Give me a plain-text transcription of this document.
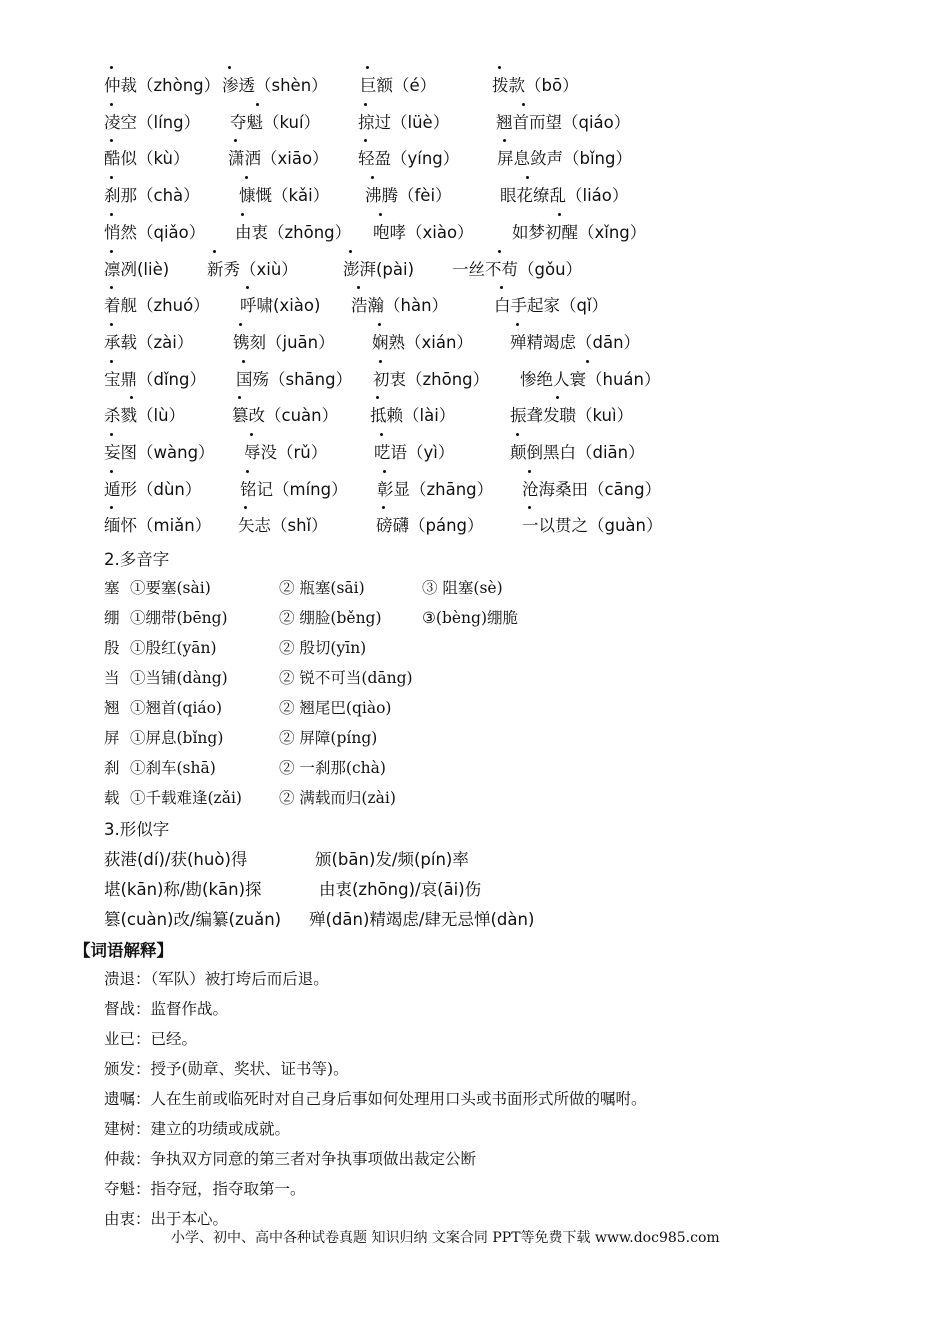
仲裁（zhòng） 渗透（shèn） 巨额（é）	拨款（bō）
凌空（líng） 夺魁（kuí） 掠过（lüè）	翘首而望（qiáo）
酷似（kù） 潇洒（xiāo） 轻盈（yíng） 屏息敛声（bǐng）
刹那（chà） 慷慨（kǎi） 沸腾（fèi）	眼花缭乱（liáo）
悄然（qiǎo） 由衷（zhōng） 咆哮（xiào） 如梦初醒（xǐng）
凛冽(liè) 新秀（xiù）	澎湃(pài) 一丝不苟（gǒu）
着舰（zhuó） 呼啸(xiào) 浩瀚（hàn）	白手起家（qǐ）
承载（zài） 镌刻（juān） 娴熟（xián） 殚精竭虑（dān）
宝鼎（dǐng） 国殇（shāng） 初衷（zhōng） 惨绝人寰（huán）
杀戮（lù）	篡改（cuàn） 抵赖（lài）	振聋发聩（kuì）
妄图（wàng） 辱没（rǔ）	呓语（yì）	颠倒黑白（diān）
遁形（dùn） 铭记（míng） 彰显（zhāng） 沧海桑田（cāng）
缅怀（miǎn） 矢志（shǐ）	磅礴（páng） 一以贯之（guàn）
2.多音字
塞 ①要塞(sài)	② 瓶塞(sāi)	③ 阻塞(sè)
绷 ①绷带(bēng)	② 绷脸(běng)	③(bèng)绷脆
殷 ①殷红(yān)	② 殷切(yīn)
当 ①当铺(dàng)	② 锐不可当(dāng)
翘 ①翘首(qiáo)	② 翘尾巴(qiào)
屏 ①屏息(bǐng)	② 屏障(píng)
刹 ①刹车(shā)	② 一刹那(chà)
载 ①千载难逢(zǎi) ② 满载而归(zài)
3.形似字
荻港(dí)/获(huò)得	颁(bān)发/频(pín)率
堪(kān)称/勘(kān)探	由衷(zhōng)/哀(āi)伤
篡(cuàn)改/编纂(zuǎn) 殚(dān)精竭虑/肆无忌惮(dàn)
【词语解释】
溃退：（军队）被打垮后而后退。
督战：监督作战。
业已：已经。
颁发：授予(勋章、奖状、证书等)。
遗嘱：人在生前或临死时对自己身后事如何处理用口头或书面形式所做的嘱咐。
建树：建立的功绩或成就。
仲裁：争执双方同意的第三者对争执事项做出裁定公断
夺魁：指夺冠，指夺取第一。
由衷：出于本心。
小学、初中、高中各种试卷真题 知识归纳 文案合同 PPT等免费下载 www.doc985.com
